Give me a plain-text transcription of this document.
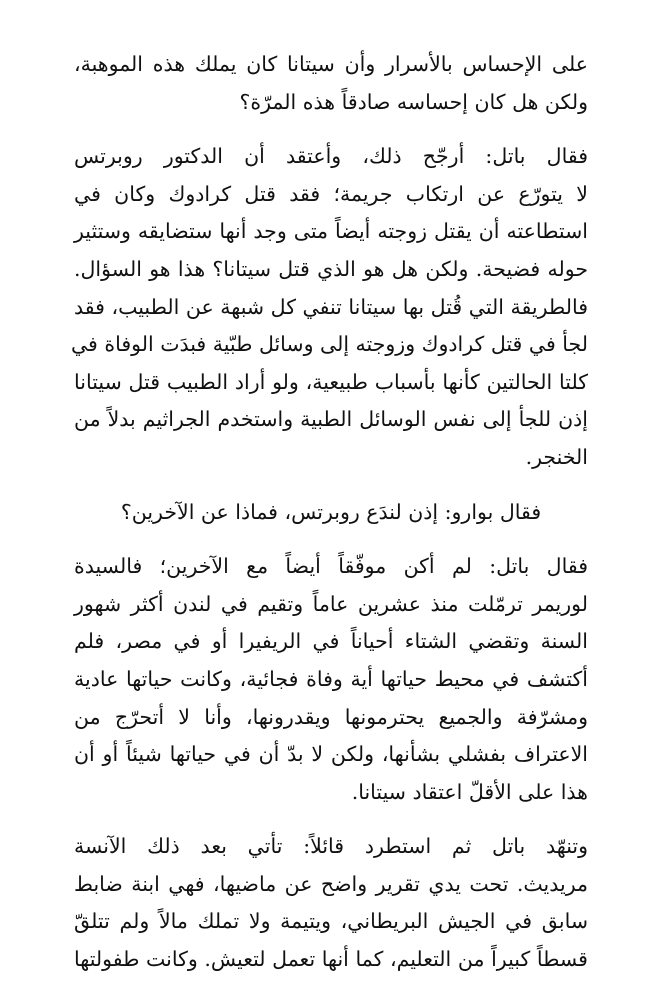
على الإحساس بالأسرار وأن سيتانا كان يملك هذه الموهبة،
ولكن هل كان إحساسه صادقاً هذه المرّة؟
فقال باتل: أرجّح ذلك، وأعتقد أن الدكتور روبرتس
لا يتورّع عن ارتكاب جريمة؛ فقد قتل كرادوك وكان في
استطاعته أن يقتل زوجته أيضاً متى وجد أنها ستضايقه وستثير
حوله فضيحة. ولكن هل هو الذي قتل سيتانا؟ هذا هو السؤال.
فالطريقة التي قُتل بها سيتانا تنفي كل شبهة عن الطبيب، فقد
لجأ في قتل كرادوك وزوجته إلى وسائل طبّية فبدَت الوفاة في
كلتا الحالتين كأنها بأسباب طبيعية، ولو أراد الطبيب قتل سيتانا
إذن للجأ إلى نفس الوسائل الطبية واستخدم الجراثيم بدلاً من
الخنجر.
فقال بوارو: إذن لندَع روبرتس، فماذا عن الآخرين؟
فقال باتل: لم أكن موفّقاً أيضاً مع الآخرين؛ فالسيدة
لوريمر ترمّلت منذ عشرين عاماً وتقيم في لندن أكثر شهور
السنة وتقضي الشتاء أحياناً في الريفيرا أو في مصر، فلم
أكتشف في محيط حياتها أية وفاة فجائية، وكانت حياتها عادية
ومشرّفة والجميع يحترمونها ويقدرونها، وأنا لا أتحرّج من
الاعتراف بفشلي بشأنها، ولكن لا بدّ أن في حياتها شيئاً أو أن
هذا على الأقلّ اعتقاد سيتانا.
وتنهّد باتل ثم استطرد قائلاً: تأتي بعد ذلك الآنسة
مريديث. تحت يدي تقرير واضح عن ماضيها، فهي ابنة ضابط
سابق في الجيش البريطاني، ويتيمة ولا تملك مالاً ولم تتلقّ
قسطاً كبيراً من التعليم، كما أنها تعمل لتعيش. وكانت طفولتها
